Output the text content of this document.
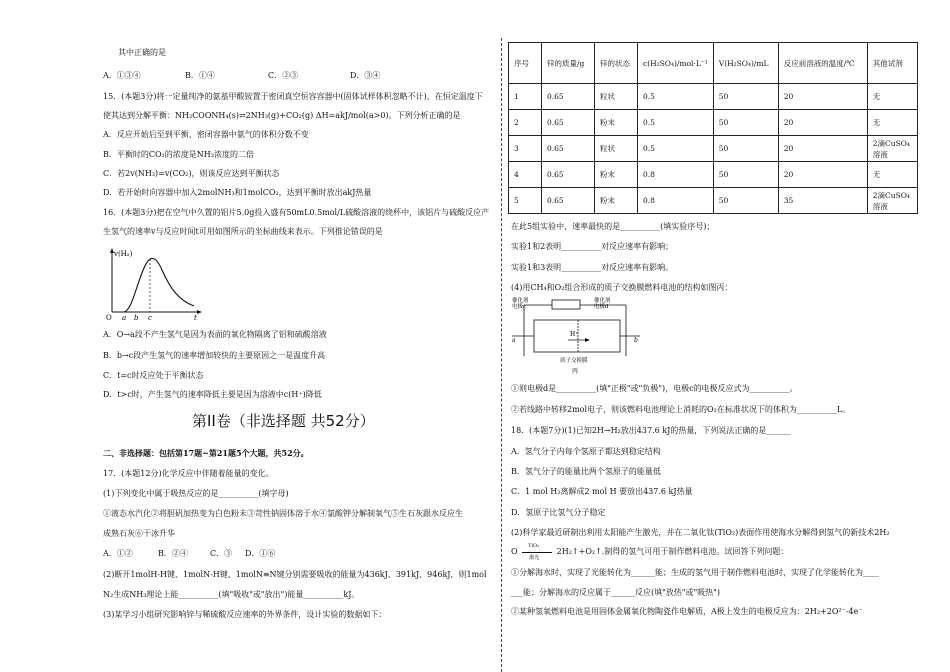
其中正确的是
A．①③④	B．①④	C．②③	D．③④
15．(本题3分)将一定量纯净的氨基甲酸铵置于密闭真空恒容容器中(固体试样体积忽略不计)，在恒定温度下
使其达到分解平衡：NH₂COONH₄(s)⇌2NH₃(g)+CO₂(g) ΔH=akJ/mol(a>0)。下列分析正确的是
A．反应开始后至到平衡，密闭容器中氨气的体积分数不变
B．平衡时的CO₂的浓度是NH₃浓度的二倍
C．若2v(NH₃)=v(CO₂)，则该反应达到平衡状态
D．若开始时向容器中加入2molNH₃和1molCO₂，达到平衡时放出akJ热量
16．(本题3分)把在空气中久置的铝片5.0g投入盛有50mL0.5mol/L硫酸溶液的烧杯中，该铝片与硫酸反应产
生氢气的速率v与反应时间t可用如图所示的坐标曲线来表示。下列推论错误的是
v(H₂)
O a b c	t
A．O→a段不产生氢气是因为表面的氧化物隔离了铝和硫酸溶液
B．b→c段产生氢气的速率增加较快的主要原因之一是温度升高
C．t=c时反应处于平衡状态
D．t>c时，产生氢气的速率降低主要是因为溶液中c(H⁺)降低
第II卷（非选择题 共52分）
二、非选择题：包括第17题~第21题5个大题，共52分。
17．(本题12分)化学反应中伴随着能量的变化。
(1)下列变化中属于吸热反应的是__________(填字母)
①液态水汽化②将胆矾加热变为白色粉末③苛性钠固体溶于水④氯酸钾分解制氧气⑤生石灰跟水反应生
成熟石灰⑥干冰升华
A．①②	B．②④	C．③ D．①⑥
(2)断开1molH-H键、1molN-H键、1molN≡N键分别需要吸收的能量为436kJ、391kJ、946kJ，则1mol
N₂生成NH₃理论上能__________(填"吸收"或"放出")能量__________kJ。
(3)某学习小组研究影响锌与稀硫酸反应速率的外界条件，设计实验的数据如下：
序号	锌的质量/g	锌的状态	c(H₂SO₄)/mol·L⁻¹	V(H₂SO₄)/mL	反应前溶液的温度/℃	其他试剂
1	0.65	粒状	0.5	50	20	无
2	0.65	粉末	0.5	50	20	无
3	0.65	粒状	0.5	50	20	2滴CuSO₄溶液
4	0.65	粉末	0.8	50	20	无
5	0.65	粉末	0.8	50	35	2滴CuSO₄溶液
在此5组实验中，速率最快的是__________(填实验序号)；
实验1和2表明__________对反应速率有影响；
实验1和3表明__________对反应速率有影响。
(4)用CH₄和O₂组合形成的质子交换膜燃料电池的结构如图丙：
催化剂电极c
催化剂电极d
a	b
H⁺
质子交换膜
丙
①则电极d是__________(填"正极"或"负极")，电极c的电极反应式为__________。
②若线路中转移2mol电子，则该燃料电池理论上消耗的O₂在标准状况下的体积为__________L。
18．(本题7分)(1)已知2H→H₂放出437.6 kJ的热量，下列说法正确的是______
A．氢气分子内每个氢原子都达到稳定结构
B．氢气分子的能量比两个氢原子的能量低
C．1 mol H₂离解成2 mol H 要放出437.6 kJ热量
D．氢原子比氢气分子稳定
(2)科学家最近研制出利用太阳能产生激光，并在二氧化钛(TiO₂)表面作用使海水分解得到氢气的新技术2H₂
O
TiO₂
激光
2H₂↑+O₂↑.制得的氢气可用于制作燃料电池。试回答下列问题：
①分解海水时，实现了光能转化为______能；生成的氢气用于制作燃料电池时，实现了化学能转化为____
___能；分解海水的反应属于______反应(填"放热"或"吸热")
②某种氢氧燃料电池是用固体金属氧化物陶瓷作电解质，A极上发生的电极反应为：2H₂+2O²⁻-4e⁻
